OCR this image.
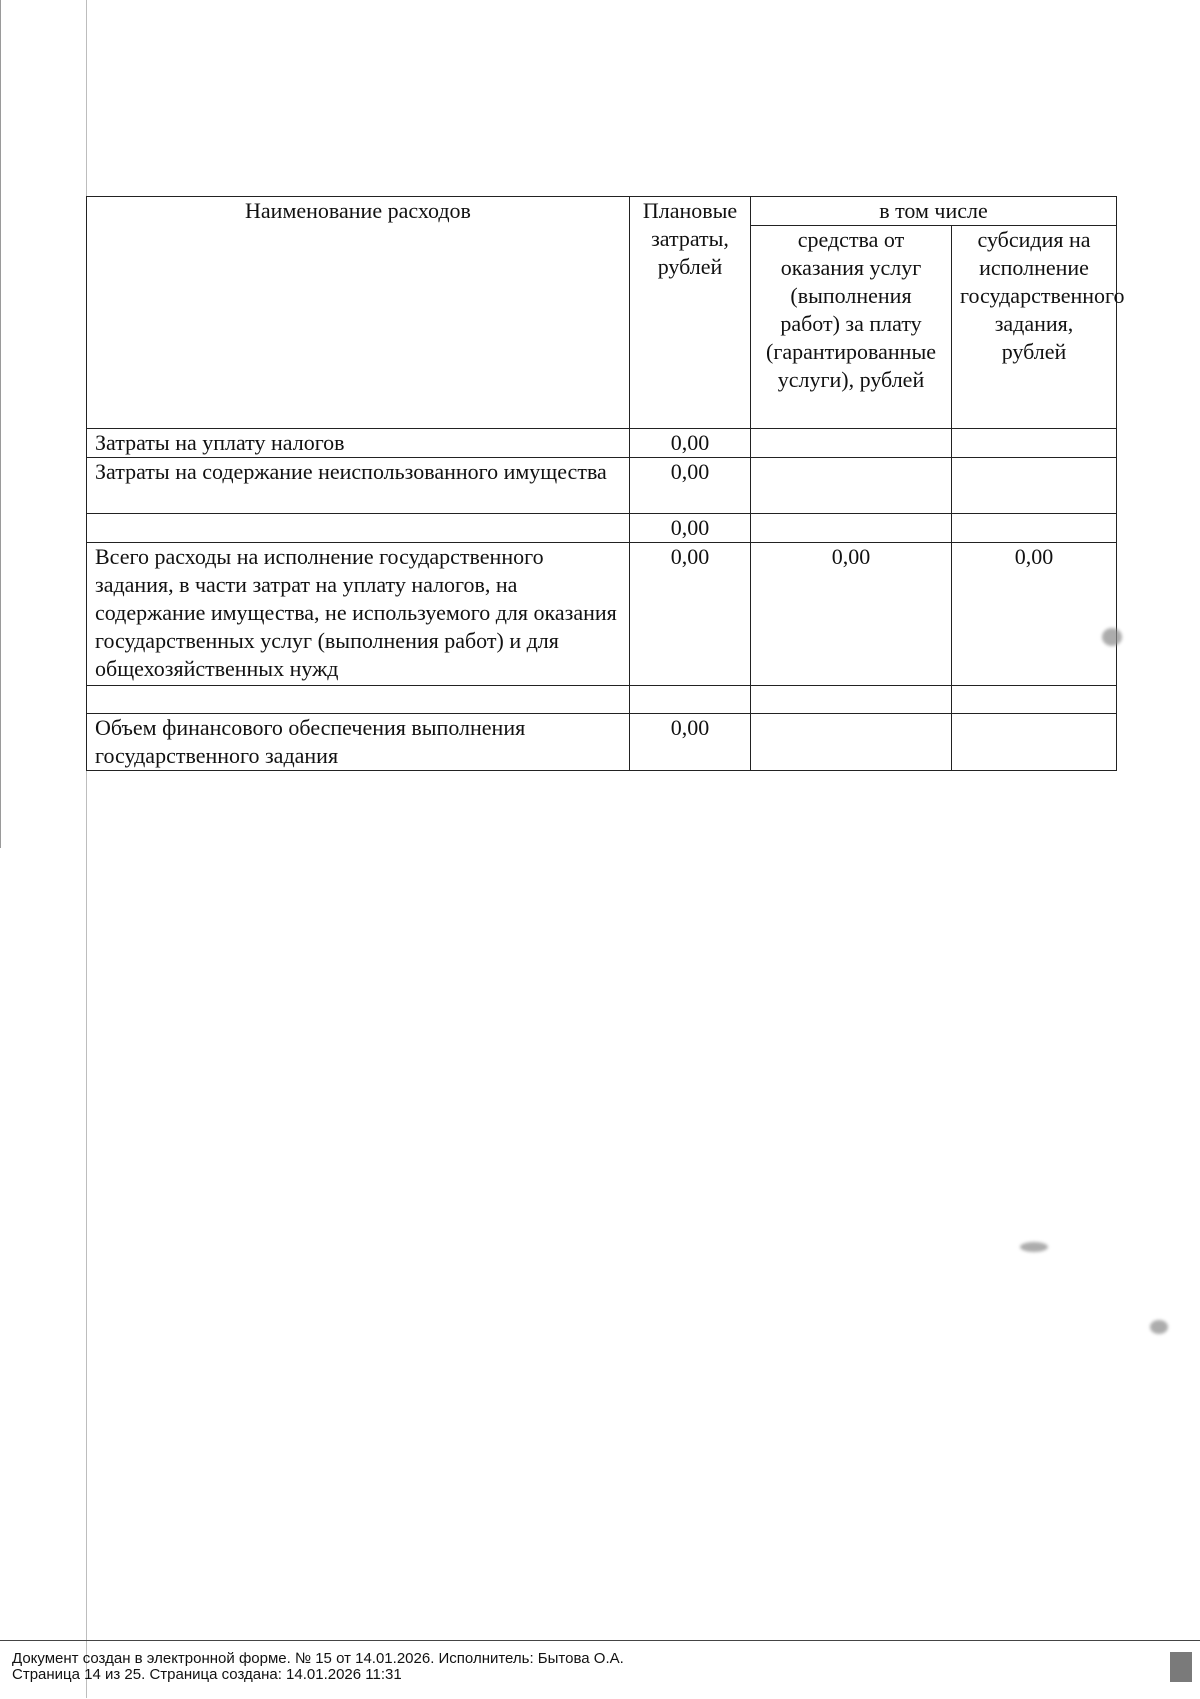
Наименование расходов	Плановые затраты, рублей	в том числе	
		средства от оказания услуг (выполнения работ) за плату (гарантированные услуги), рублей	субсидия на исполнение государственного задания, рублей
Затраты на уплату налогов	0,00		
Затраты на содержание неиспользованного имущества	0,00		
	0,00		
Всего расходы на исполнение государственного задания, в части затрат на уплату налогов, на содержание имущества, не используемого для оказания государственных услуг (выполнения работ) и для общехозяйственных нужд	0,00	0,00	0,00

Объем финансового обеспечения выполнения государственного задания	0,00		
Документ создан в электронной форме. № 15 от 14.01.2026. Исполнитель: Бытова О.А.
Страница 14 из 25. Страница создана: 14.01.2026 11:31
